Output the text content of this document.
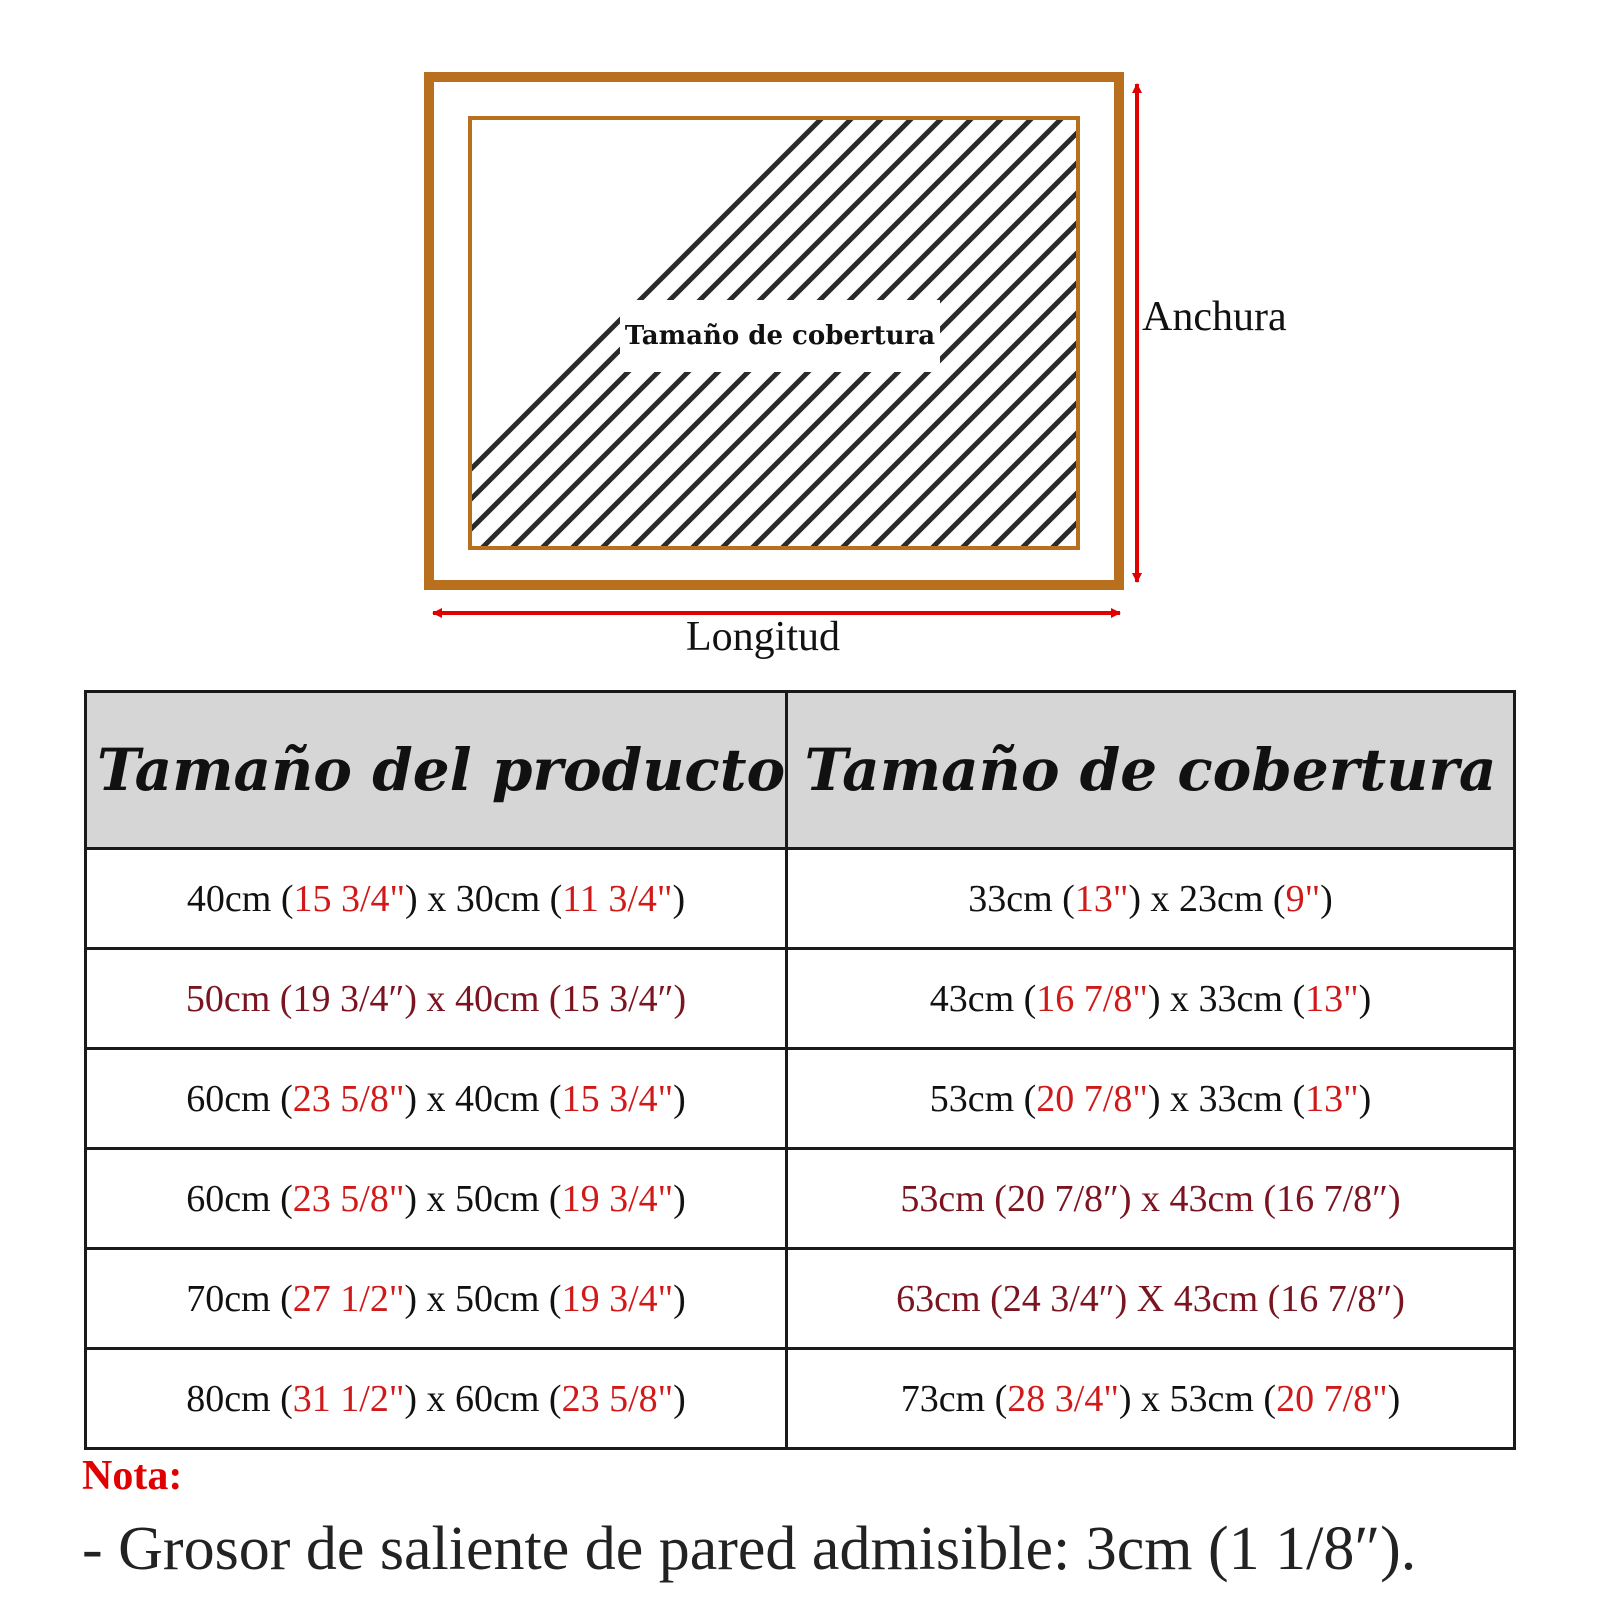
Tamaño de cobertura	Anchura
Longitud
Tamaño del producto	Tamaño de cobertura
40cm (15 3/4") x 30cm (11 3/4")	33cm (13") x 23cm (9")
50cm (19 3/4″) x 40cm (15 3/4″)	43cm (16 7/8") x 33cm (13")
60cm (23 5/8") x 40cm (15 3/4")	53cm (20 7/8") x 33cm (13")
60cm (23 5/8") x 50cm (19 3/4")	53cm (20 7/8″) x 43cm (16 7/8″)
70cm (27 1/2") x 50cm (19 3/4")	63cm (24 3/4″) X 43cm (16 7/8″)
80cm (31 1/2") x 60cm (23 5/8")	73cm (28 3/4") x 53cm (20 7/8")
Nota:
- Grosor de saliente de pared admisible: 3cm (1 1/8″).
